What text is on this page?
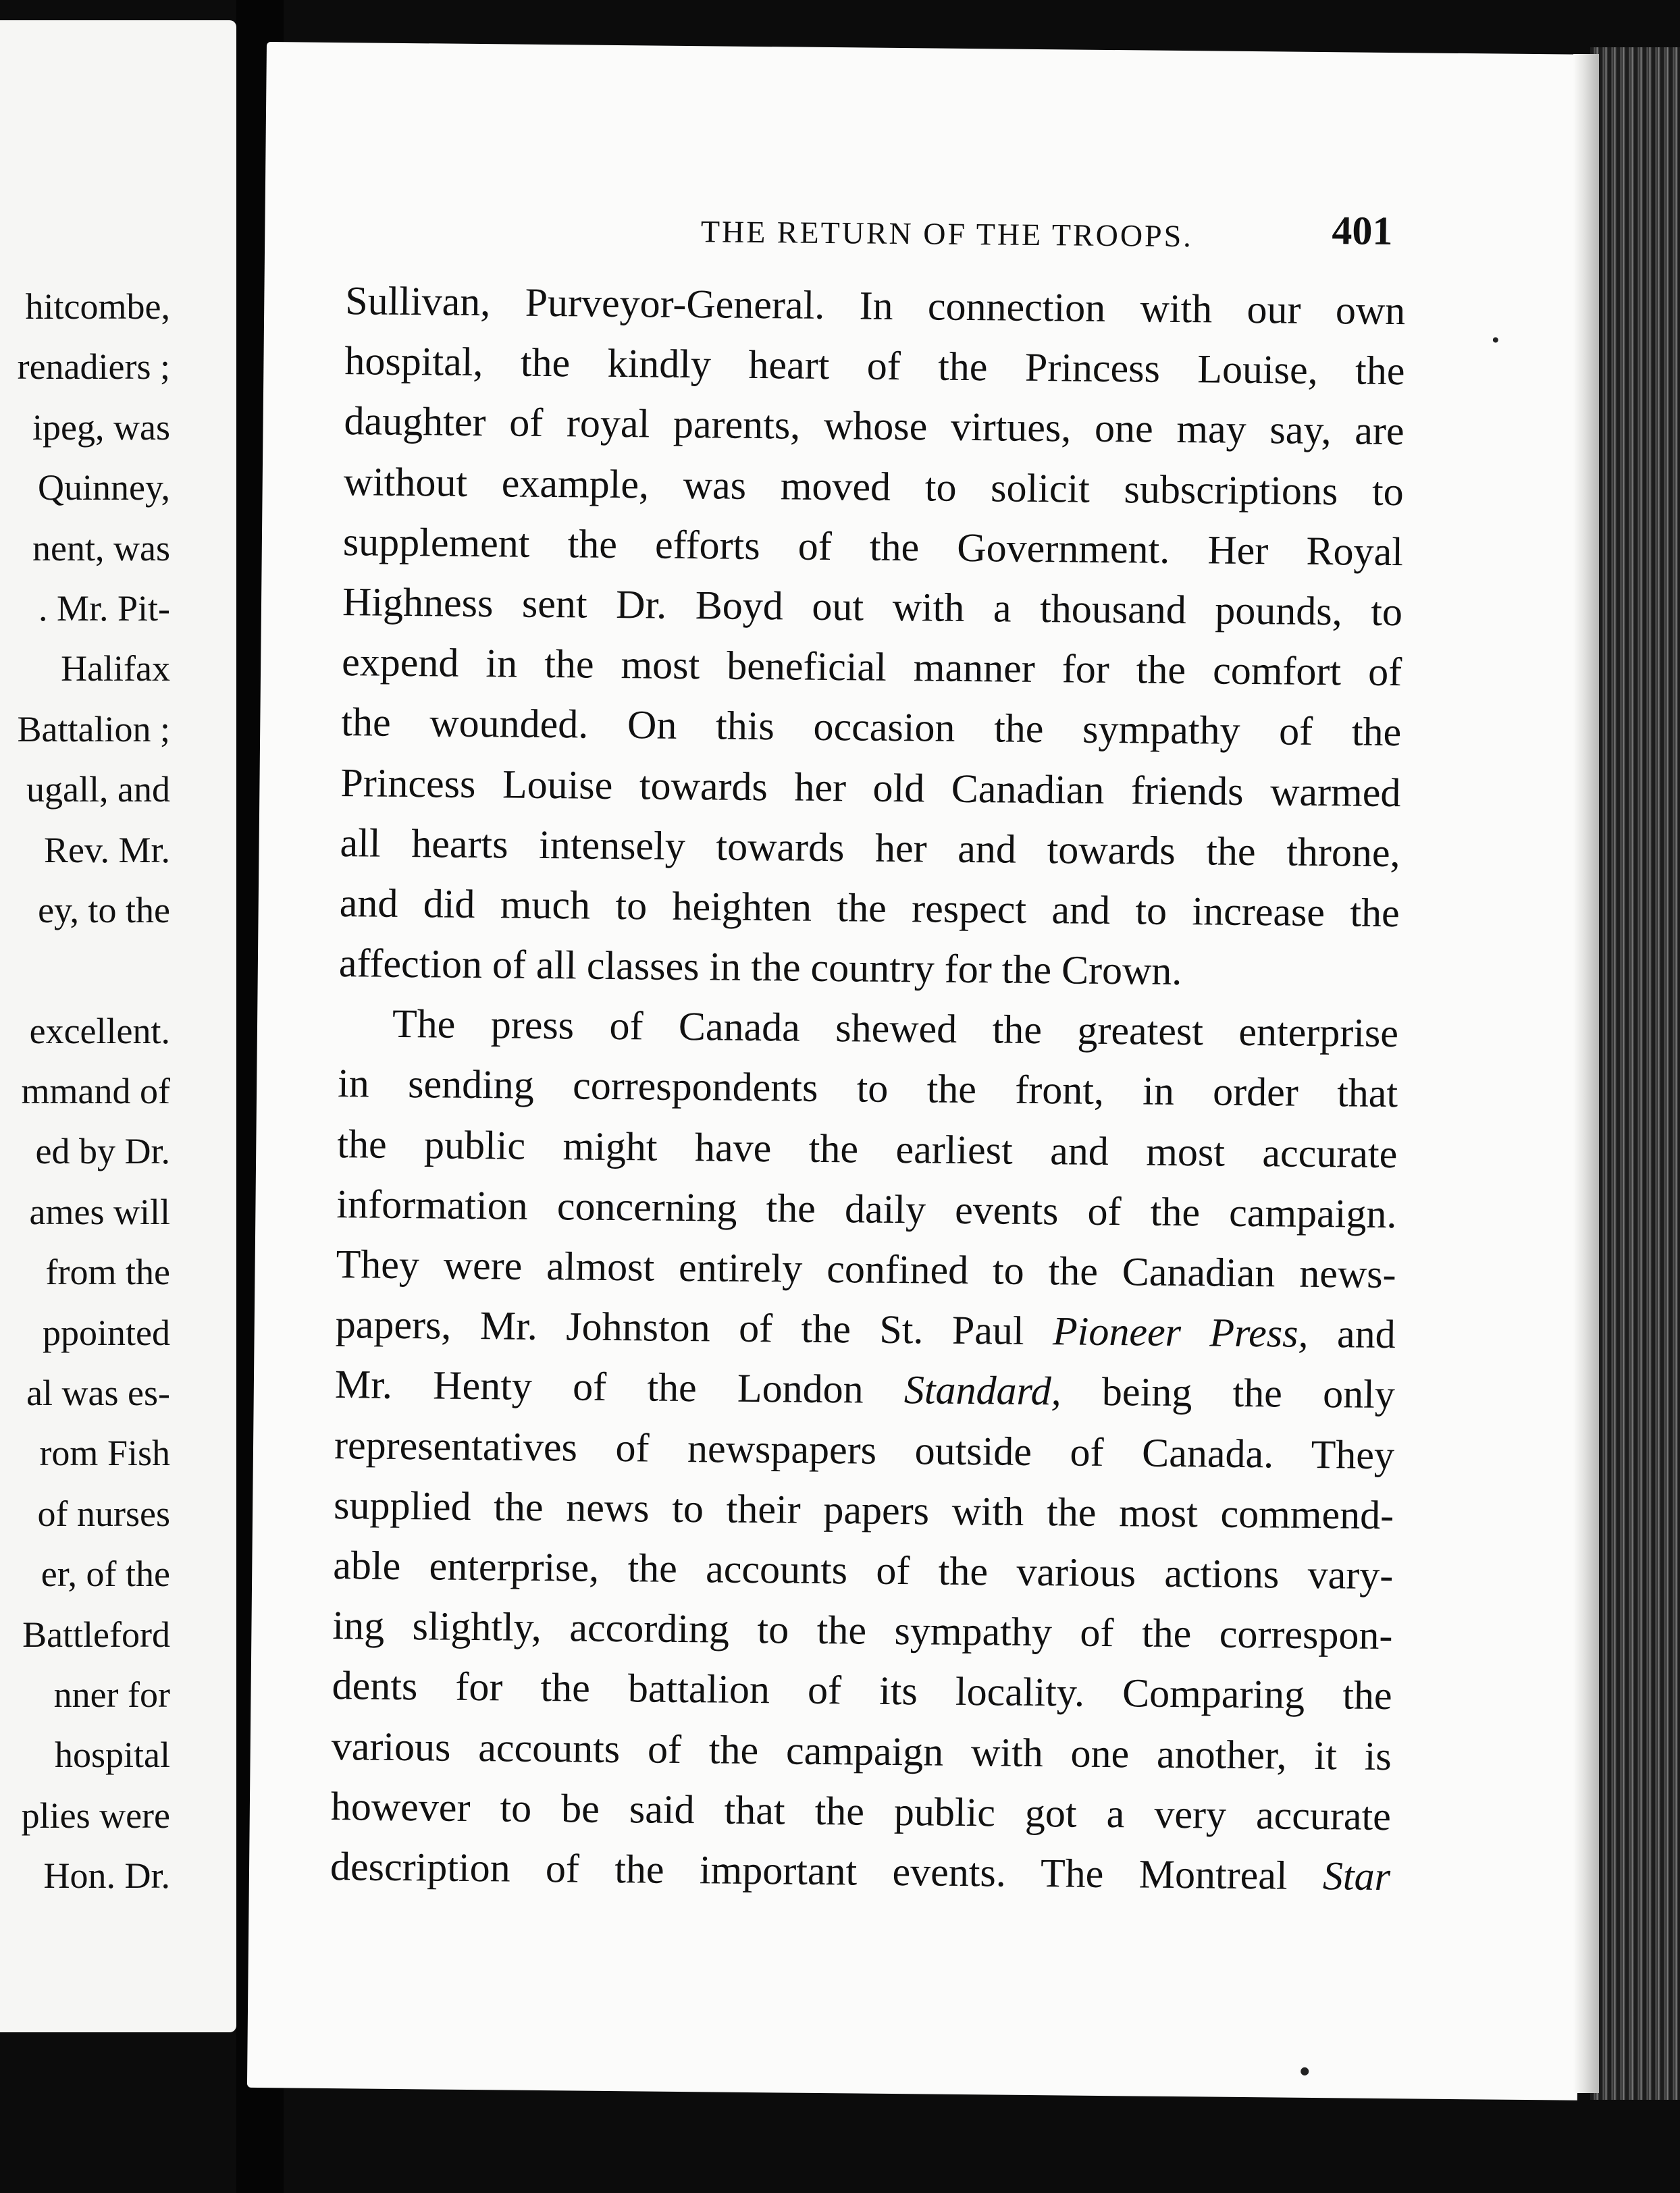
hitcombe,
renadiers ;
ipeg, was
Quinney,
nent, was
. Mr. Pit-
Halifax
Battalion ;
ugall, and
Rev. Mr.
ey, to the
excellent.
mmand of
ed by Dr.
ames will
from the
ppointed
al was es-
rom Fish
of nurses
er, of the
Battleford
nner for
hospital
plies were
Hon. Dr.
THE RETURN OF THE TROOPS.	401
Sullivan, Purveyor-General. In connection with our own
hospital, the kindly heart of the Princess Louise, the
daughter of royal parents, whose virtues, one may say, are
without example, was moved to solicit subscriptions to
supplement the efforts of the Government. Her Royal
Highness sent Dr. Boyd out with a thousand pounds, to
expend in the most beneficial manner for the comfort of
the wounded. On this occasion the sympathy of the
Princess Louise towards her old Canadian friends warmed
all hearts intensely towards her and towards the throne,
and did much to heighten the respect and to increase the
affection of all classes in the country for the Crown.
The press of Canada shewed the greatest enterprise
in sending correspondents to the front, in order that
the public might have the earliest and most accurate
information concerning the daily events of the campaign.
They were almost entirely confined to the Canadian news-
papers, Mr. Johnston of the St. Paul Pioneer Press, and
Mr. Henty of the London Standard, being the only
representatives of newspapers outside of Canada. They
supplied the news to their papers with the most commend-
able enterprise, the accounts of the various actions vary-
ing slightly, according to the sympathy of the correspon-
dents for the battalion of its locality. Comparing the
various accounts of the campaign with one another, it is
however to be said that the public got a very accurate
description of the important events. The Montreal Star
